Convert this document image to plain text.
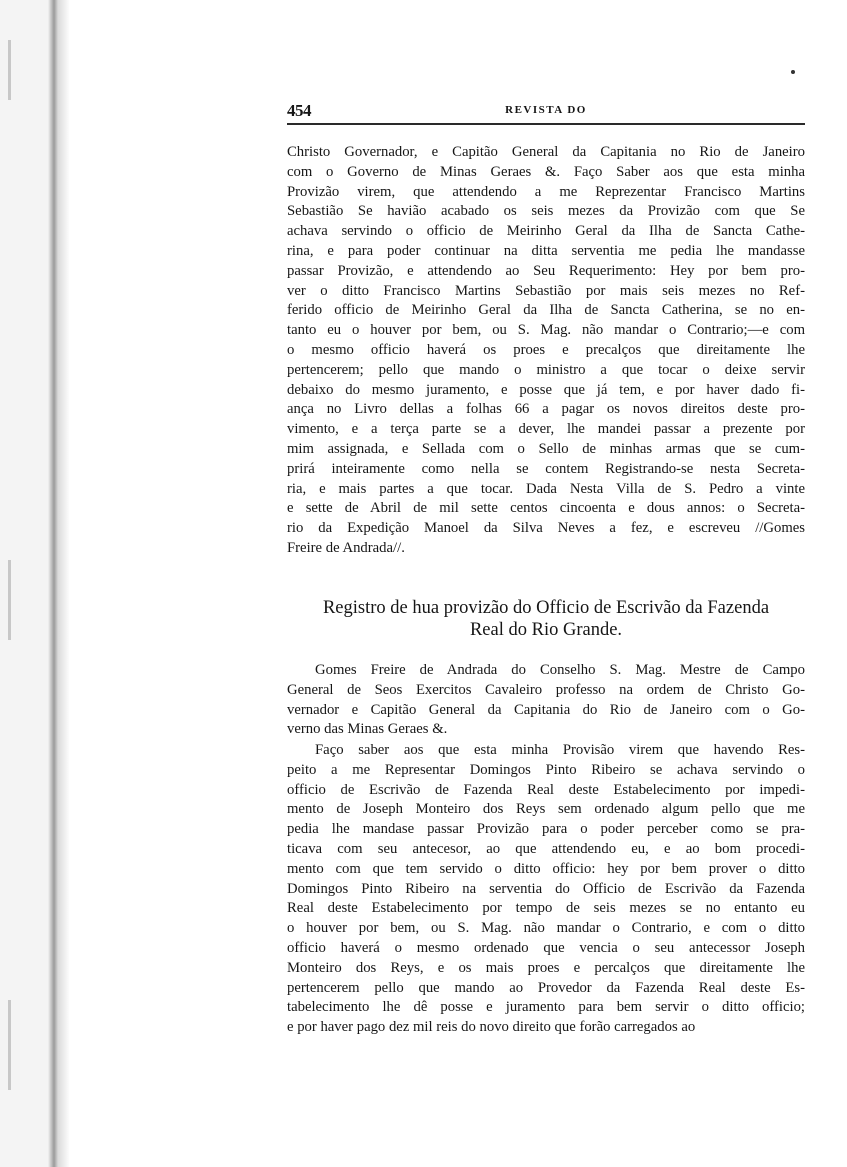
454	REVISTA DO
Christo Governador, e Capitão General da Capitania no Rio de Janeiro
com o Governo de Minas Geraes &. Faço Saber aos que esta minha
Provizão virem, que attendendo a me Reprezentar Francisco Martins
Sebastião Se havião acabado os seis mezes da Provizão com que Se
achava servindo o officio de Meirinho Geral da Ilha de Sancta Cathe-
rina, e para poder continuar na ditta serventia me pedia lhe mandasse
passar Provizão, e attendendo ao Seu Requerimento: Hey por bem pro-
ver o ditto Francisco Martins Sebastião por mais seis mezes no Ref-
ferido officio de Meirinho Geral da Ilha de Sancta Catherina, se no en-
tanto eu o houver por bem, ou S. Mag. não mandar o Contrario;—e com
o mesmo officio haverá os proes e precalços que direitamente lhe
pertencerem; pello que mando o ministro a que tocar o deixe servir
debaixo do mesmo juramento, e posse que já tem, e por haver dado fi-
ança no Livro dellas a folhas 66 a pagar os novos direitos deste pro-
vimento, e a terça parte se a dever, lhe mandei passar a prezente por
mim assignada, e Sellada com o Sello de minhas armas que se cum-
prirá inteiramente como nella se contem Registrando-se nesta Secreta-
ria, e mais partes a que tocar. Dada Nesta Villa de S. Pedro a vinte
e sette de Abril de mil sette centos cincoenta e dous annos: o Secreta-
rio da Expedição Manoel da Silva Neves a fez, e escreveu //Gomes
Freire de Andrada//.
Registro de hua provizão do Officio de Escrivão da Fazenda
Real do Rio Grande.
Gomes Freire de Andrada do Conselho S. Mag. Mestre de Campo
General de Seos Exercitos Cavaleiro professo na ordem de Christo Go-
vernador e Capitão General da Capitania do Rio de Janeiro com o Go-
verno das Minas Geraes &.
Faço saber aos que esta minha Provisão virem que havendo Res-
peito a me Representar Domingos Pinto Ribeiro se achava servindo o
officio de Escrivão de Fazenda Real deste Estabelecimento por impedi-
mento de Joseph Monteiro dos Reys sem ordenado algum pello que me
pedia lhe mandase passar Provizão para o poder perceber como se pra-
ticava com seu antecesor, ao que attendendo eu, e ao bom procedi-
mento com que tem servido o ditto officio: hey por bem prover o ditto
Domingos Pinto Ribeiro na serventia do Officio de Escrivão da Fazenda
Real deste Estabelecimento por tempo de seis mezes se no entanto eu
o houver por bem, ou S. Mag. não mandar o Contrario, e com o ditto
officio haverá o mesmo ordenado que vencia o seu antecessor Joseph
Monteiro dos Reys, e os mais proes e percalços que direitamente lhe
pertencerem pello que mando ao Provedor da Fazenda Real deste Es-
tabelecimento lhe dê posse e juramento para bem servir o ditto officio;
e por haver pago dez mil reis do novo direito que forão carregados ao
